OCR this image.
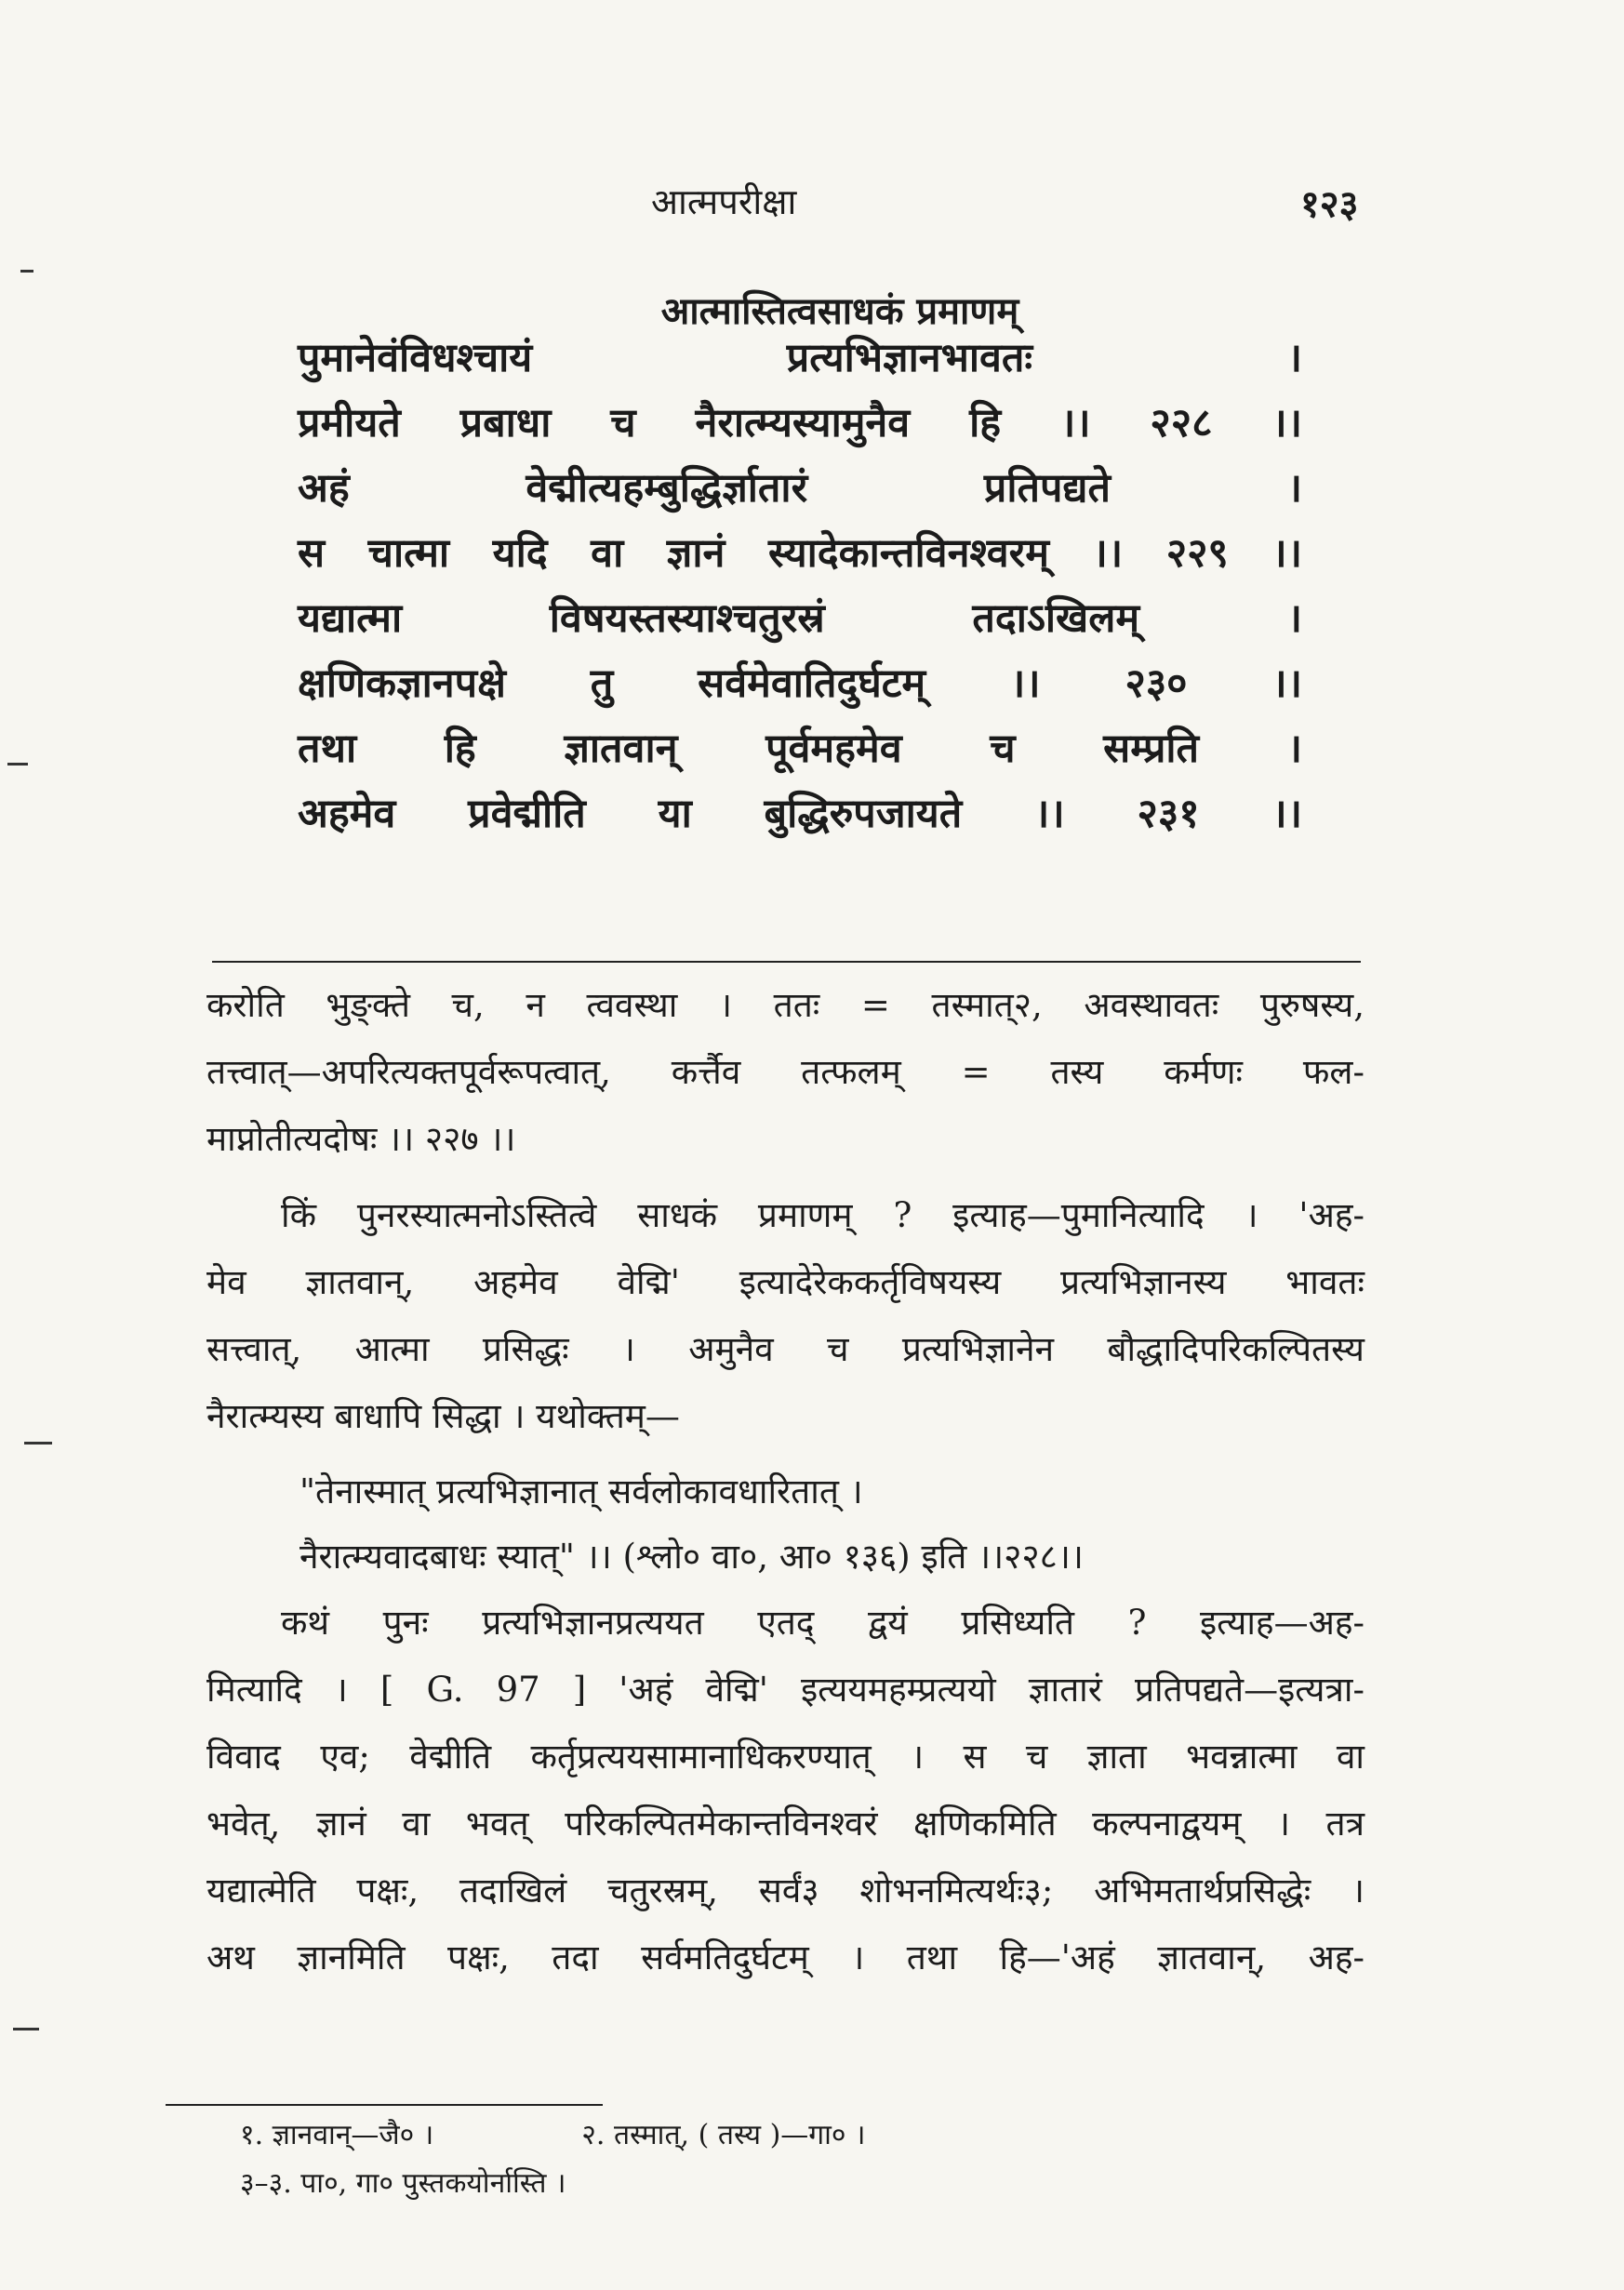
आत्मपरीक्षा	१२३
आत्मास्तित्वसाधकं प्रमाणम्
पुमानेवंविधश्चायं प्रत्यभिज्ञानभावतः ।
प्रमीयते प्रबाधा च नैरात्म्यस्यामुनैव हि ।। २२८ ।।
अहं वेद्मीत्यहम्बुद्धिर्ज्ञातारं प्रतिपद्यते ।
स चात्मा यदि वा ज्ञानं स्यादेकान्तविनश्वरम् ।। २२९ ।।
यद्यात्मा विषयस्तस्याश्चतुरस्रं तदाऽखिलम् ।
क्षणिकज्ञानपक्षे तु सर्वमेवातिदुर्घटम् ।। २३० ।।
तथा हि ज्ञातवान् पूर्वमहमेव च सम्प्रति ।
अहमेव प्रवेद्मीति या बुद्धिरुपजायते ।। २३१ ।।
करोति भुङ्क्ते च, न त्ववस्था । ततः = तस्मात्२, अवस्थावतः पुरुषस्य,
तत्त्वात्—अपरित्यक्तपूर्वरूपत्वात्, कर्त्तैव तत्फलम् = तस्य कर्मणः फल-
माप्नोतीत्यदोषः ।। २२७ ।।
किं पुनरस्यात्मनोऽस्तित्वे साधकं प्रमाणम् ? इत्याह—पुमानित्यादि । 'अह-
मेव ज्ञातवान्, अहमेव वेद्मि' इत्यादेरेककर्तृविषयस्य प्रत्यभिज्ञानस्य भावतः
सत्त्वात्, आत्मा प्रसिद्धः । अमुनैव च प्रत्यभिज्ञानेन बौद्धादिपरिकल्पितस्य
नैरात्म्यस्य बाधापि सिद्धा । यथोक्तम्—
"तेनास्मात् प्रत्यभिज्ञानात् सर्वलोकावधारितात् ।
नैरात्म्यवादबाधः स्यात्" ।। (श्लो० वा०, आ० १३६) इति ।।२२८।।
कथं पुनः प्रत्यभिज्ञानप्रत्ययत एतद् द्वयं प्रसिध्यति ? इत्याह—अह-
मित्यादि । [ G. 97 ] 'अहं वेद्मि' इत्ययमहम्प्रत्ययो ज्ञातारं प्रतिपद्यते—इत्यत्रा-
विवाद एव; वेद्मीति कर्तृप्रत्ययसामानाधिकरण्यात् । स च ज्ञाता भवन्नात्मा वा
भवेत्, ज्ञानं वा भवत् परिकल्पितमेकान्तविनश्वरं क्षणिकमिति कल्पनाद्वयम् । तत्र
यद्यात्मेति पक्षः, तदाखिलं चतुरस्रम्, सर्वं३ शोभनमित्यर्थः३; अभिमतार्थप्रसिद्धेः ।
अथ ज्ञानमिति पक्षः, तदा सर्वमतिदुर्घटम् । तथा हि—'अहं ज्ञातवान्, अह-
१. ज्ञानवान्—जै० ।	२. तस्मात्, ( तस्य )—गा० ।
३–३. पा०, गा० पुस्तकयोर्नास्ति ।
